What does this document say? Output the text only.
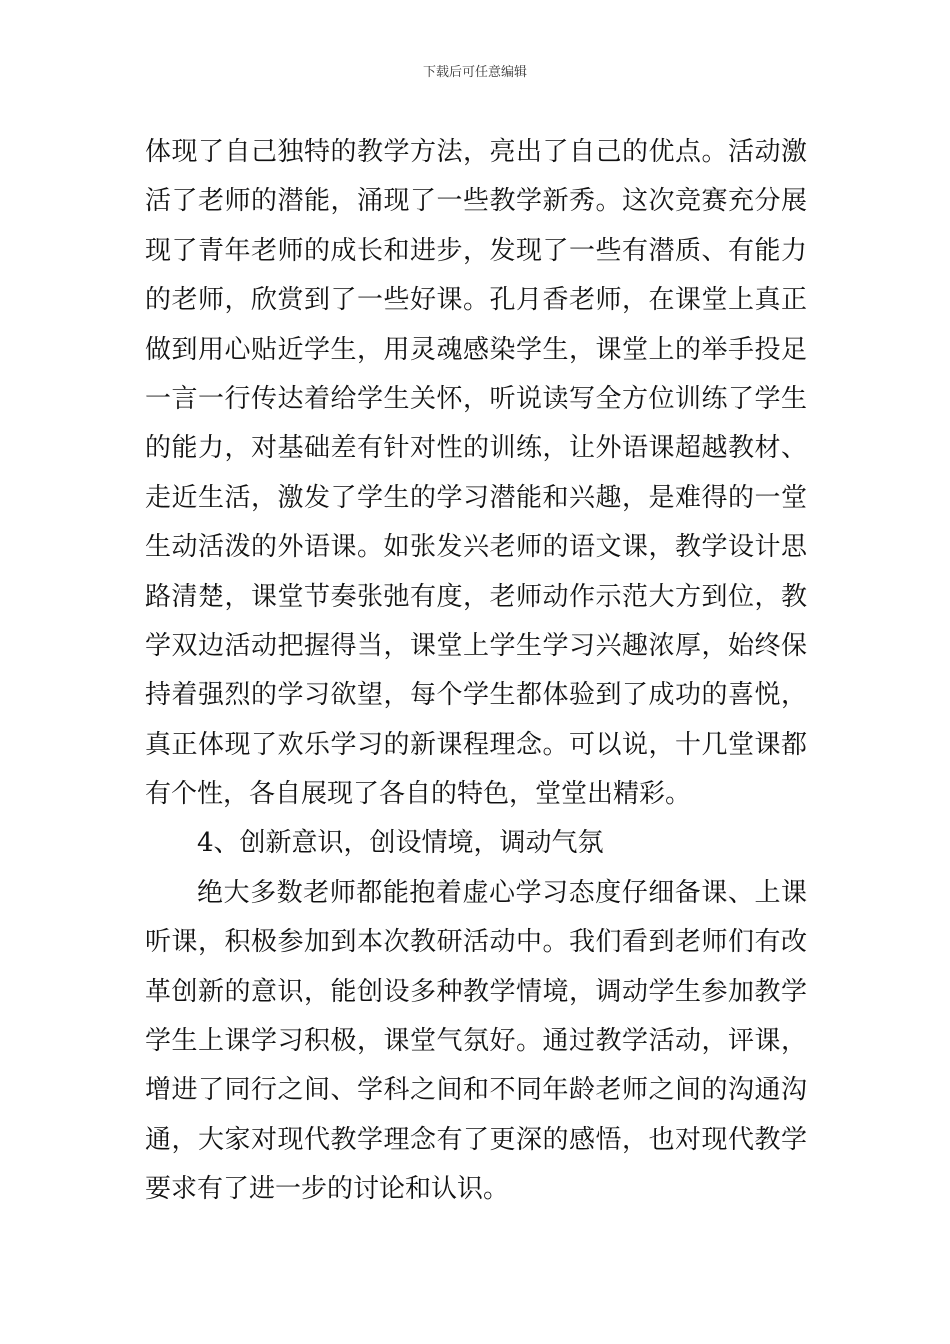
下载后可任意编辑
体现了自己独特的教学方法，亮出了自己的优点。活动激
活了老师的潜能，涌现了一些教学新秀。这次竞赛充分展
现了青年老师的成长和进步，发现了一些有潜质、有能力
的老师，欣赏到了一些好课。孔月香老师，在课堂上真正
做到用心贴近学生，用灵魂感染学生，课堂上的举手投足
一言一行传达着给学生关怀，听说读写全方位训练了学生
的能力，对基础差有针对性的训练，让外语课超越教材、
走近生活，激发了学生的学习潜能和兴趣，是难得的一堂
生动活泼的外语课。如张发兴老师的语文课，教学设计思
路清楚，课堂节奏张弛有度，老师动作示范大方到位，教
学双边活动把握得当，课堂上学生学习兴趣浓厚，始终保
持着强烈的学习欲望，每个学生都体验到了成功的喜悦，
真正体现了欢乐学习的新课程理念。可以说，十几堂课都
有个性，各自展现了各自的特色，堂堂出精彩。
4、创新意识，创设情境，调动气氛
绝大多数老师都能抱着虚心学习态度仔细备课、上课
听课，积极参加到本次教研活动中。我们看到老师们有改
革创新的意识，能创设多种教学情境，调动学生参加教学
学生上课学习积极，课堂气氛好。通过教学活动，评课，
增进了同行之间、学科之间和不同年龄老师之间的沟通沟
通，大家对现代教学理念有了更深的感悟，也对现代教学
要求有了进一步的讨论和认识。
